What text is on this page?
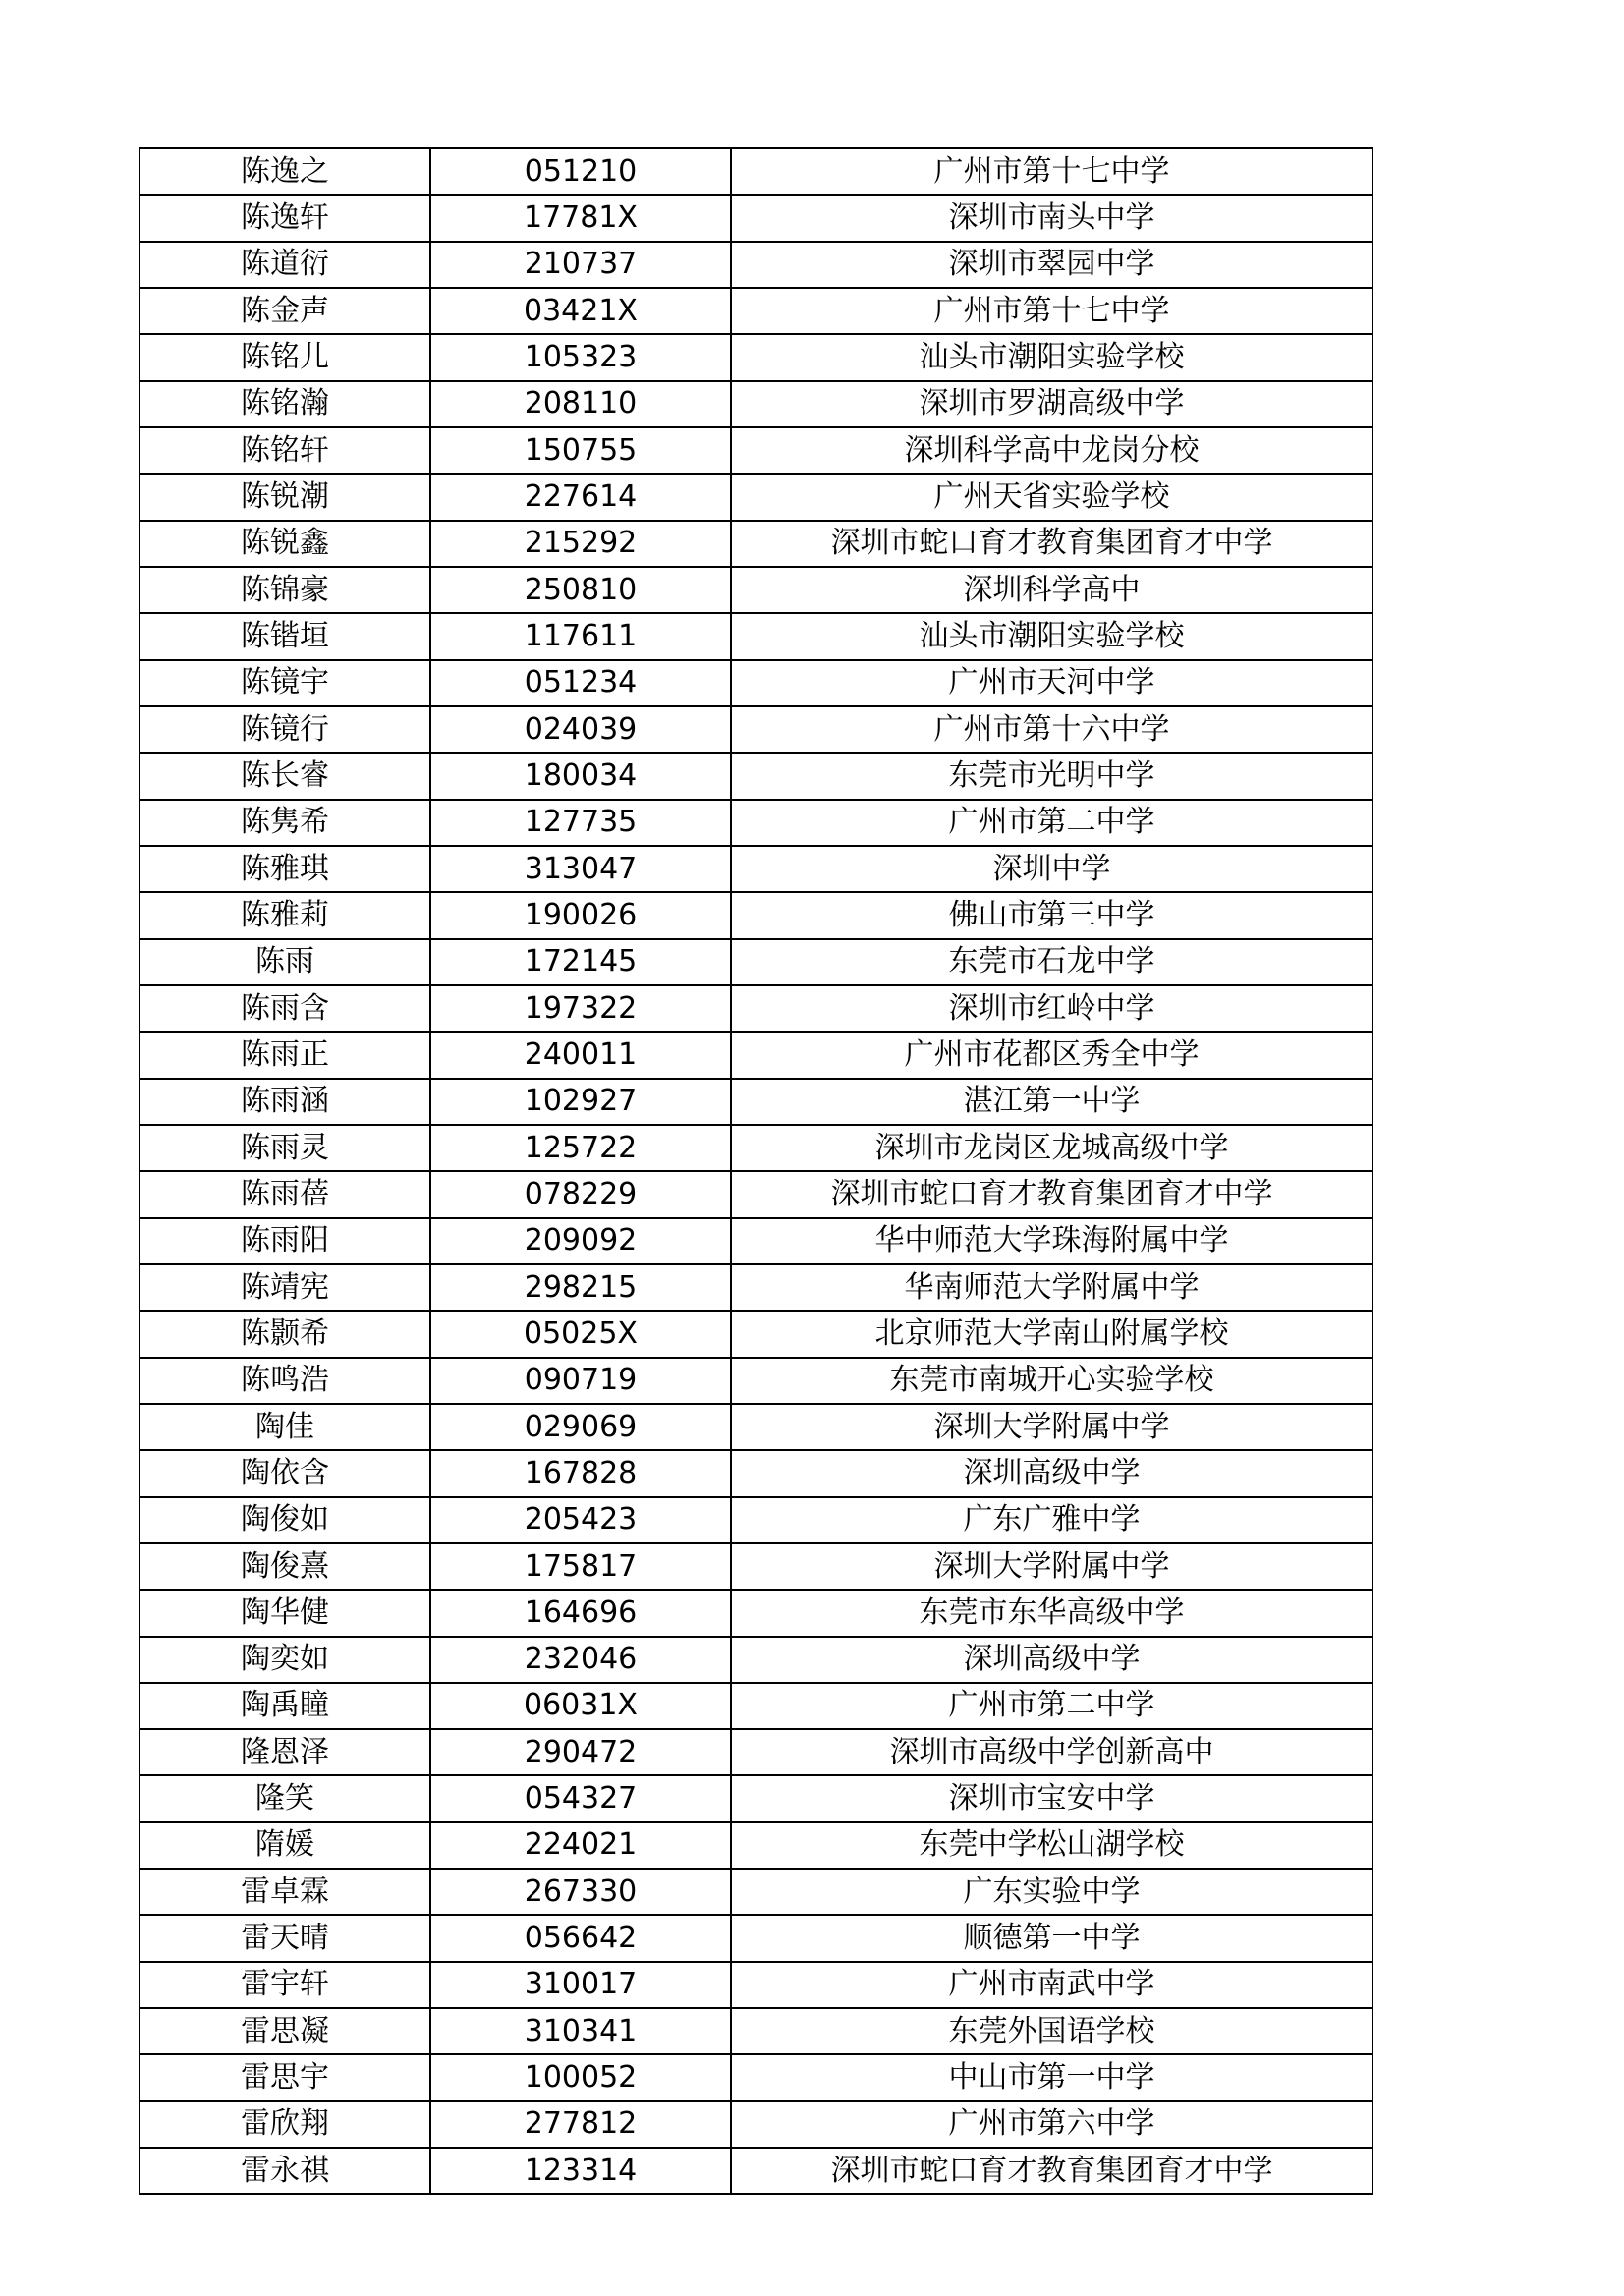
陈逸之	051210	广州市第十七中学
陈逸轩	17781X	深圳市南头中学
陈道衍	210737	深圳市翠园中学
陈金声	03421X	广州市第十七中学
陈铭儿	105323	汕头市潮阳实验学校
陈铭瀚	208110	深圳市罗湖高级中学
陈铭轩	150755	深圳科学高中龙岗分校
陈锐潮	227614	广州天省实验学校
陈锐鑫	215292	深圳市蛇口育才教育集团育才中学
陈锦豪	250810	深圳科学高中
陈锴垣	117611	汕头市潮阳实验学校
陈镜宇	051234	广州市天河中学
陈镜行	024039	广州市第十六中学
陈长睿	180034	东莞市光明中学
陈隽希	127735	广州市第二中学
陈雅琪	313047	深圳中学
陈雅莉	190026	佛山市第三中学
陈雨	172145	东莞市石龙中学
陈雨含	197322	深圳市红岭中学
陈雨正	240011	广州市花都区秀全中学
陈雨涵	102927	湛江第一中学
陈雨灵	125722	深圳市龙岗区龙城高级中学
陈雨蓓	078229	深圳市蛇口育才教育集团育才中学
陈雨阳	209092	华中师范大学珠海附属中学
陈靖宪	298215	华南师范大学附属中学
陈颢希	05025X	北京师范大学南山附属学校
陈鸣浩	090719	东莞市南城开心实验学校
陶佳	029069	深圳大学附属中学
陶依含	167828	深圳高级中学
陶俊如	205423	广东广雅中学
陶俊熹	175817	深圳大学附属中学
陶华健	164696	东莞市东华高级中学
陶奕如	232046	深圳高级中学
陶禹瞳	06031X	广州市第二中学
隆恩泽	290472	深圳市高级中学创新高中
隆笑	054327	深圳市宝安中学
隋媛	224021	东莞中学松山湖学校
雷卓霖	267330	广东实验中学
雷天晴	056642	顺德第一中学
雷宇轩	310017	广州市南武中学
雷思凝	310341	东莞外国语学校
雷思宇	100052	中山市第一中学
雷欣翔	277812	广州市第六中学
雷永祺	123314	深圳市蛇口育才教育集团育才中学
